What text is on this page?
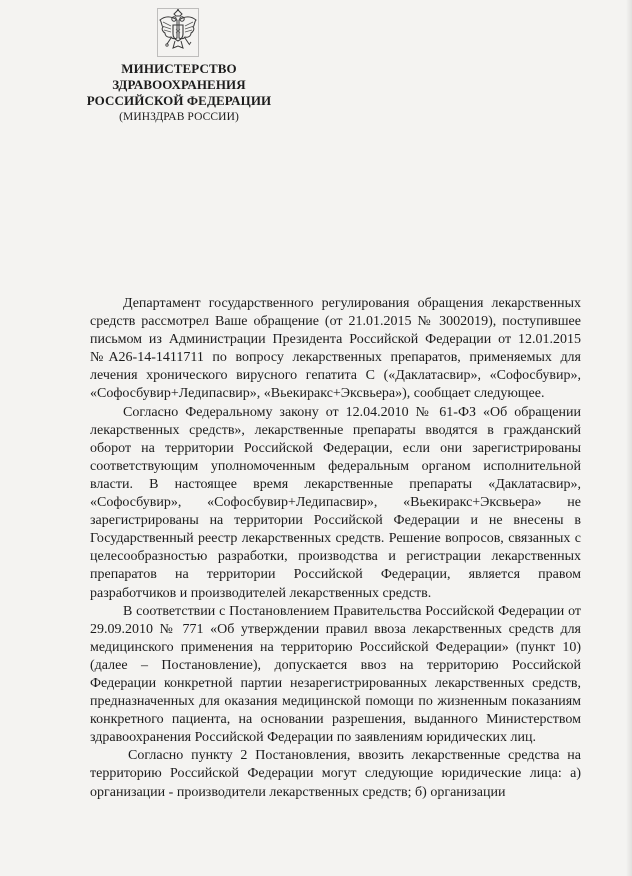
МИНИСТЕРСТВО
ЗДРАВООХРАНЕНИЯ
РОССИЙСКОЙ ФЕДЕРАЦИИ
(МИНЗДРАВ РОССИИ)

Департамент государственного регулирования обращения лекарственных средств рассмотрел Ваше обращение (от 21.01.2015 № 3002019), поступившее письмом из Администрации Президента Российской Федерации от 12.01.2015 №А26-14-1411711 по вопросу лекарственных препаратов, применяемых для лечения хронического вирусного гепатита С («Даклатасвир», «Софосбувир», «Софосбувир+Ледипасвир», «Вьекиракс+Эксвьера»), сообщает следующее.

Согласно Федеральному закону от 12.04.2010 № 61-ФЗ «Об обращении лекарственных средств», лекарственные препараты вводятся в гражданский оборот на территории Российской Федерации, если они зарегистрированы соответствующим уполномоченным федеральным органом исполнительной власти. В настоящее время лекарственные препараты «Даклатасвир», «Софосбувир», «Софосбувир+Ледипасвир», «Вьекиракс+Эксвьера» не зарегистрированы на территории Российской Федерации и не внесены в Государственный реестр лекарственных средств. Решение вопросов, связанных с целесообразностью разработки, производства и регистрации лекарственных препаратов на территории Российской Федерации, является правом разработчиков и производителей лекарственных средств.

В соответствии с Постановлением Правительства Российской Федерации от 29.09.2010 № 771 «Об утверждении правил ввоза лекарственных средств для медицинского применения на территорию Российской Федерации» (пункт 10) (далее – Постановление), допускается ввоз на территорию Российской Федерации конкретной партии незарегистрированных лекарственных средств, предназначенных для оказания медицинской помощи по жизненным показаниям конкретного пациента, на основании разрешения, выданного Министерством здравоохранения Российской Федерации по заявлениям юридических лиц.

Согласно пункту 2 Постановления, ввозить лекарственные средства на территорию Российской Федерации могут следующие юридические лица: а) организации - производители лекарственных средств; б) организации
